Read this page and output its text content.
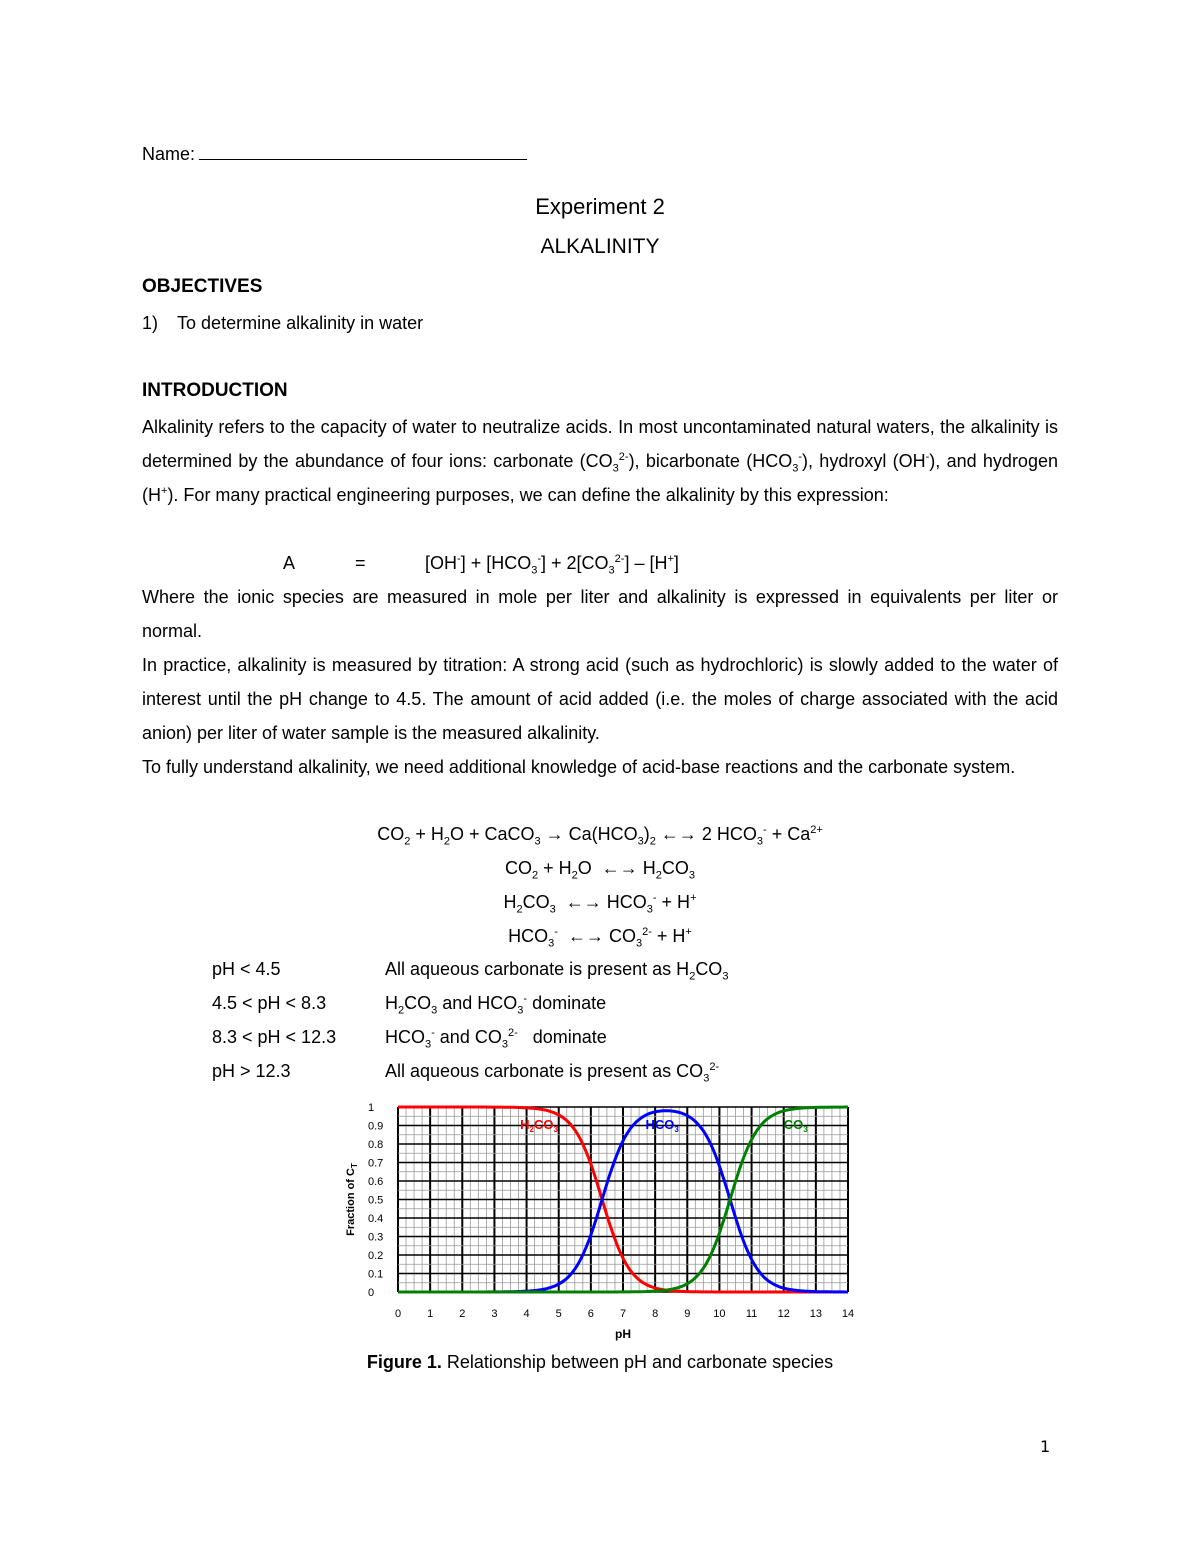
Name:
Experiment 2
ALKALINITY
OBJECTIVES
1) To determine alkalinity in water
INTRODUCTION
Alkalinity refers to the capacity of water to neutralize acids. In most uncontaminated natural waters, the alkalinity is determined by the abundance of four ions: carbonate $(CO_3^{2-})$, bicarbonate $(HCO_3^-)$, hydroxyl (OH-), and hydrogen (H+). For many practical engineering purposes, we can define the alkalinity by this expression:
A	=	$[OH^-] + [HCO_3^-] + 2[CO_3^{2-}] - [H^+]$
Where the ionic species are measured in mole per liter and alkalinity is expressed in equivalents per liter or normal.
In practice, alkalinity is measured by titration: A strong acid (such as hydrochloric) is slowly added to the water of interest until the pH change to 4.5. The amount of acid added (i.e. the moles of charge associated with the acid anion) per liter of water sample is the measured alkalinity.
To fully understand alkalinity, we need additional knowledge of acid-base reactions and the carbonate system.
$CO_2 + H_2O$ + CaCO$_3$ → $Ca(HCO_3)_2$ ←→ 2 $HCO_3^- + Ca^{2+}$
$CO_2 + H_2O$  ←→ $H_2CO_3$
$H_2CO_3$  ←→ $HCO_3^- + H^+$
$HCO_3^-$  ←→ $CO_3^{2-} + H^+$
pH < 4.5	All aqueous carbonate is present as $H_2CO_3$
4.5 < pH < 8.3	$H_2CO_3$ and $HCO_3^-$ dominate
8.3 < pH < 12.3	$HCO_3^-$ and $CO_3^{2-}$   dominate
pH > 12.3	All aqueous carbonate is present as $CO_3^{2-}$
0 1 2 3 4 5 6 7 8 9 10 11 12 13 14
0
0.1
0.2
0.3
0.4
0.5
0.6
0.7
0.8
0.9
1
pH
Fraction of $C_T$
$H_2CO_3$	$HCO_3$	$CO_3$
Figure 1. Relationship between pH and carbonate species
1
